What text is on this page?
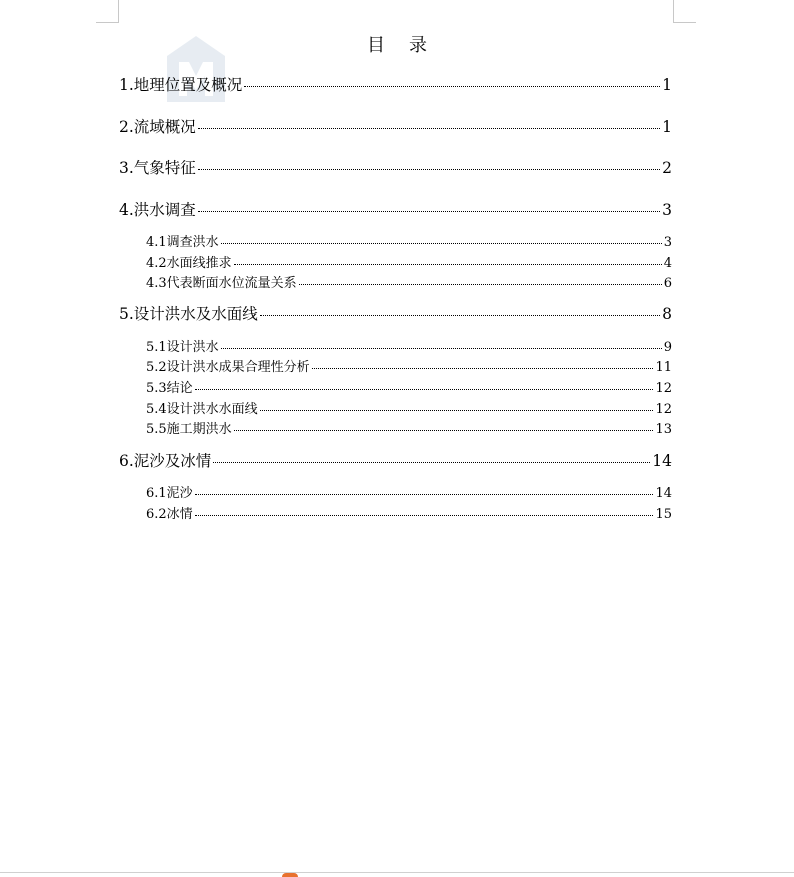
目录
1.地理位置及概况	1
2.流域概况	1
3.气象特征	2
4.洪水调查	3
4.1调查洪水	3
4.2水面线推求	4
4.3代表断面水位流量关系	6
5.设计洪水及水面线	8
5.1设计洪水	9
5.2设计洪水成果合理性分析	11
5.3结论	12
5.4设计洪水水面线	12
5.5施工期洪水	13
6.泥沙及冰情	14
6.1泥沙	14
6.2冰情	15
